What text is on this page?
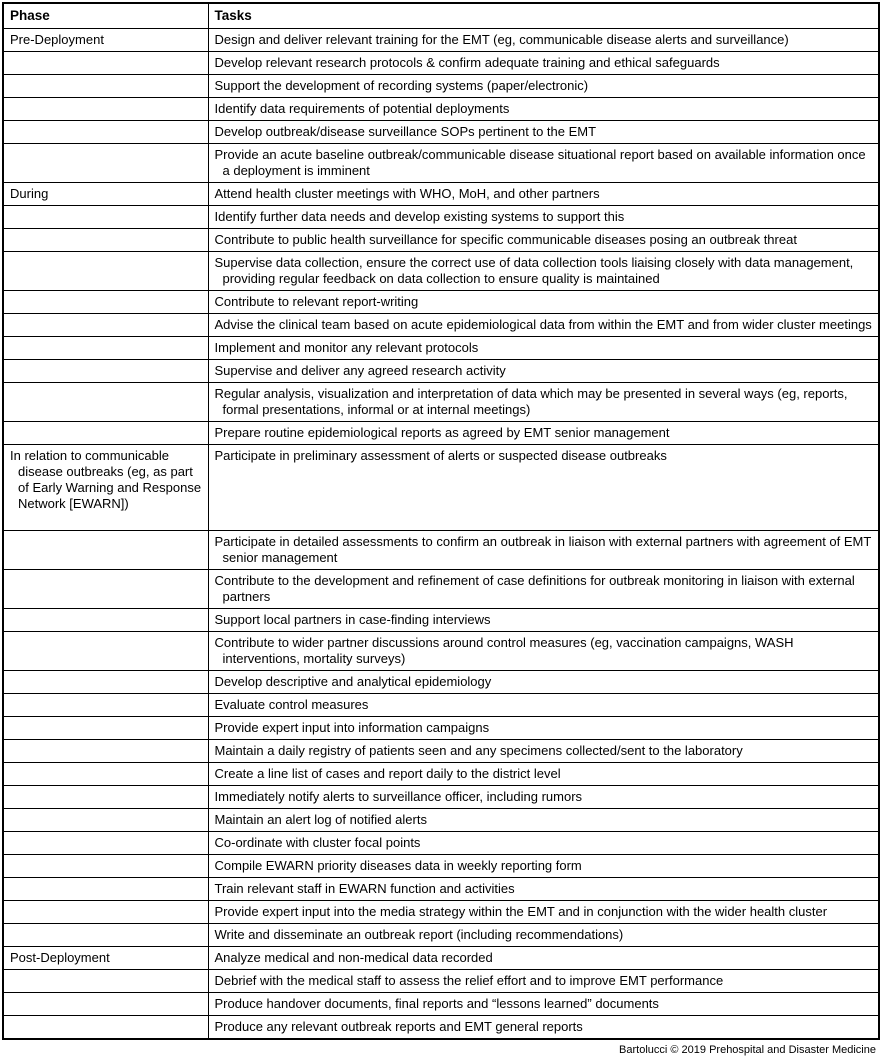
Phase	Tasks

Pre-Deployment	Design and deliver relevant training for the EMT (eg, communicable disease alerts and surveillance)

	Develop relevant research protocols & confirm adequate training and ethical safeguards

	Support the development of recording systems (paper/electronic)

	Identify data requirements of potential deployments

	Develop outbreak/disease surveillance SOPs pertinent to the EMT

	Provide an acute baseline outbreak/communicable disease situational report based on available information once a deployment is imminent

During	Attend health cluster meetings with WHO, MoH, and other partners

	Identify further data needs and develop existing systems to support this

	Contribute to public health surveillance for specific communicable diseases posing an outbreak threat

	Supervise data collection, ensure the correct use of data collection tools liaising closely with data management, providing regular feedback on data collection to ensure quality is maintained

	Contribute to relevant report-writing

	Advise the clinical team based on acute epidemiological data from within the EMT and from wider cluster meetings

	Implement and monitor any relevant protocols

	Supervise and deliver any agreed research activity

	Regular analysis, visualization and interpretation of data which may be presented in several ways (eg, reports, formal presentations, informal or at internal meetings)

	Prepare routine epidemiological reports as agreed by EMT senior management

In relation to communicable disease outbreaks (eg, as part of Early Warning and Response Network [EWARN])	Participate in preliminary assessment of alerts or suspected disease outbreaks

	Participate in detailed assessments to confirm an outbreak in liaison with external partners with agreement of EMT senior management

	Contribute to the development and refinement of case definitions for outbreak monitoring in liaison with external partners

	Support local partners in case-finding interviews

	Contribute to wider partner discussions around control measures (eg, vaccination campaigns, WASH interventions, mortality surveys)

	Develop descriptive and analytical epidemiology

	Evaluate control measures

	Provide expert input into information campaigns

	Maintain a daily registry of patients seen and any specimens collected/sent to the laboratory

	Create a line list of cases and report daily to the district level

	Immediately notify alerts to surveillance officer, including rumors

	Maintain an alert log of notified alerts

	Co-ordinate with cluster focal points

	Compile EWARN priority diseases data in weekly reporting form

	Train relevant staff in EWARN function and activities

	Provide expert input into the media strategy within the EMT and in conjunction with the wider health cluster

	Write and disseminate an outbreak report (including recommendations)

Post-Deployment	Analyze medical and non-medical data recorded

	Debrief with the medical staff to assess the relief effort and to improve EMT performance

	Produce handover documents, final reports and “lessons learned” documents

	Produce any relevant outbreak reports and EMT general reports
Bartolucci © 2019 Prehospital and Disaster Medicine
